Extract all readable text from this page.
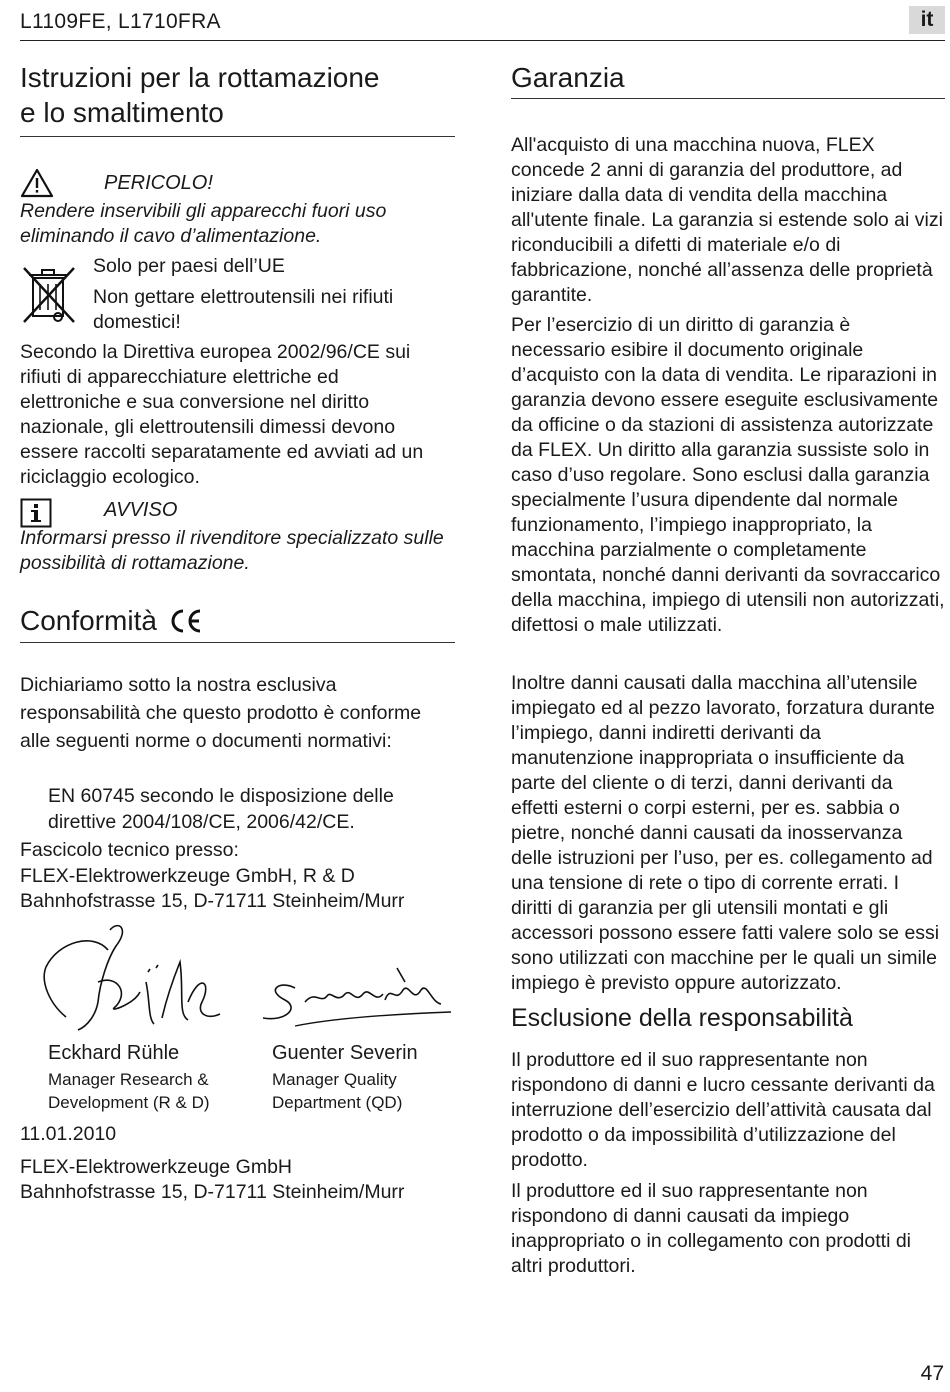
L1109FE, L1710FRA	it
Istruzioni per la rottamazione
e lo smaltimento
PERICOLO!

Rendere inservibili gli apparecchi fuori uso eliminando il cavo d’alimentazione.

Solo per paesi dell’UE

Non gettare elettroutensili nei rifiuti domestici!

Secondo la Direttiva europea 2002/96/CE sui rifiuti di apparecchiature elettriche ed elettroniche e sua conversione nel diritto nazionale, gli elettroutensili dimessi devono essere raccolti separatamente ed avviati ad un riciclaggio ecologico.

AVVISO

Informarsi presso il rivenditore specializzato sulle possibilità di rottamazione.

Conformità

Dichiariamo sotto la nostra esclusiva responsabilità che questo prodotto è conforme alle seguenti norme o documenti normativi:

EN 60745 secondo le disposizione delle direttive 2004/108/CE, 2006/42/CE.

Fascicolo tecnico presso:

FLEX-Elektrowerkzeuge GmbH, R & D

Bahnhofstrasse 15, D-71711 Steinheim/Murr

Eckhard Rühle

Manager Research & Development (R & D)

Guenter Severin

Manager Quality Department (QD)

11.01.2010

FLEX-Elektrowerkzeuge GmbH

Bahnhofstrasse 15, D-71711 Steinheim/Murr

Garanzia

All'acquisto di una macchina nuova, FLEX concede 2 anni di garanzia del produttore, ad iniziare dalla data di vendita della macchina all'utente finale. La garanzia si estende solo ai vizi riconducibili a difetti di materiale e/o di fabbricazione, nonché all’assenza delle proprietà garantite.

Per l’esercizio di un diritto di garanzia è necessario esibire il documento originale d’acquisto con la data di vendita. Le riparazioni in garanzia devono essere eseguite esclusivamente da officine o da stazioni di assistenza autorizzate da FLEX. Un diritto alla garanzia sussiste solo in caso d’uso regolare. Sono esclusi dalla garanzia specialmente l’usura dipendente dal normale funzionamento, l’impiego inappropriato, la macchina parzialmente o completamente smontata, nonché danni derivanti da sovraccarico della macchina, impiego di utensili non autorizzati, difettosi o male utilizzati.

Inoltre danni causati dalla macchina all’utensile impiegato ed al pezzo lavorato, forzatura durante l’impiego, danni indiretti derivanti da manutenzione inappropriata o insufficiente da parte del cliente o di terzi, danni derivanti da effetti esterni o corpi esterni, per es. sabbia o pietre, nonché danni causati da inosservanza delle istruzioni per l’uso, per es. collegamento ad una tensione di rete o tipo di corrente errati. I diritti di garanzia per gli utensili montati e gli accessori possono essere fatti valere solo se essi sono utilizzati con macchine per le quali un simile impiego è previsto oppure autorizzato.

Esclusione della responsabilità

Il produttore ed il suo rappresentante non rispondono di danni e lucro cessante derivanti da interruzione dell’esercizio dell’attività causata dal prodotto o da impossibilità d’utilizzazione del prodotto.

Il produttore ed il suo rappresentante non rispondono di danni causati da impiego inappropriato o in collegamento con prodotti di altri produttori.

47
